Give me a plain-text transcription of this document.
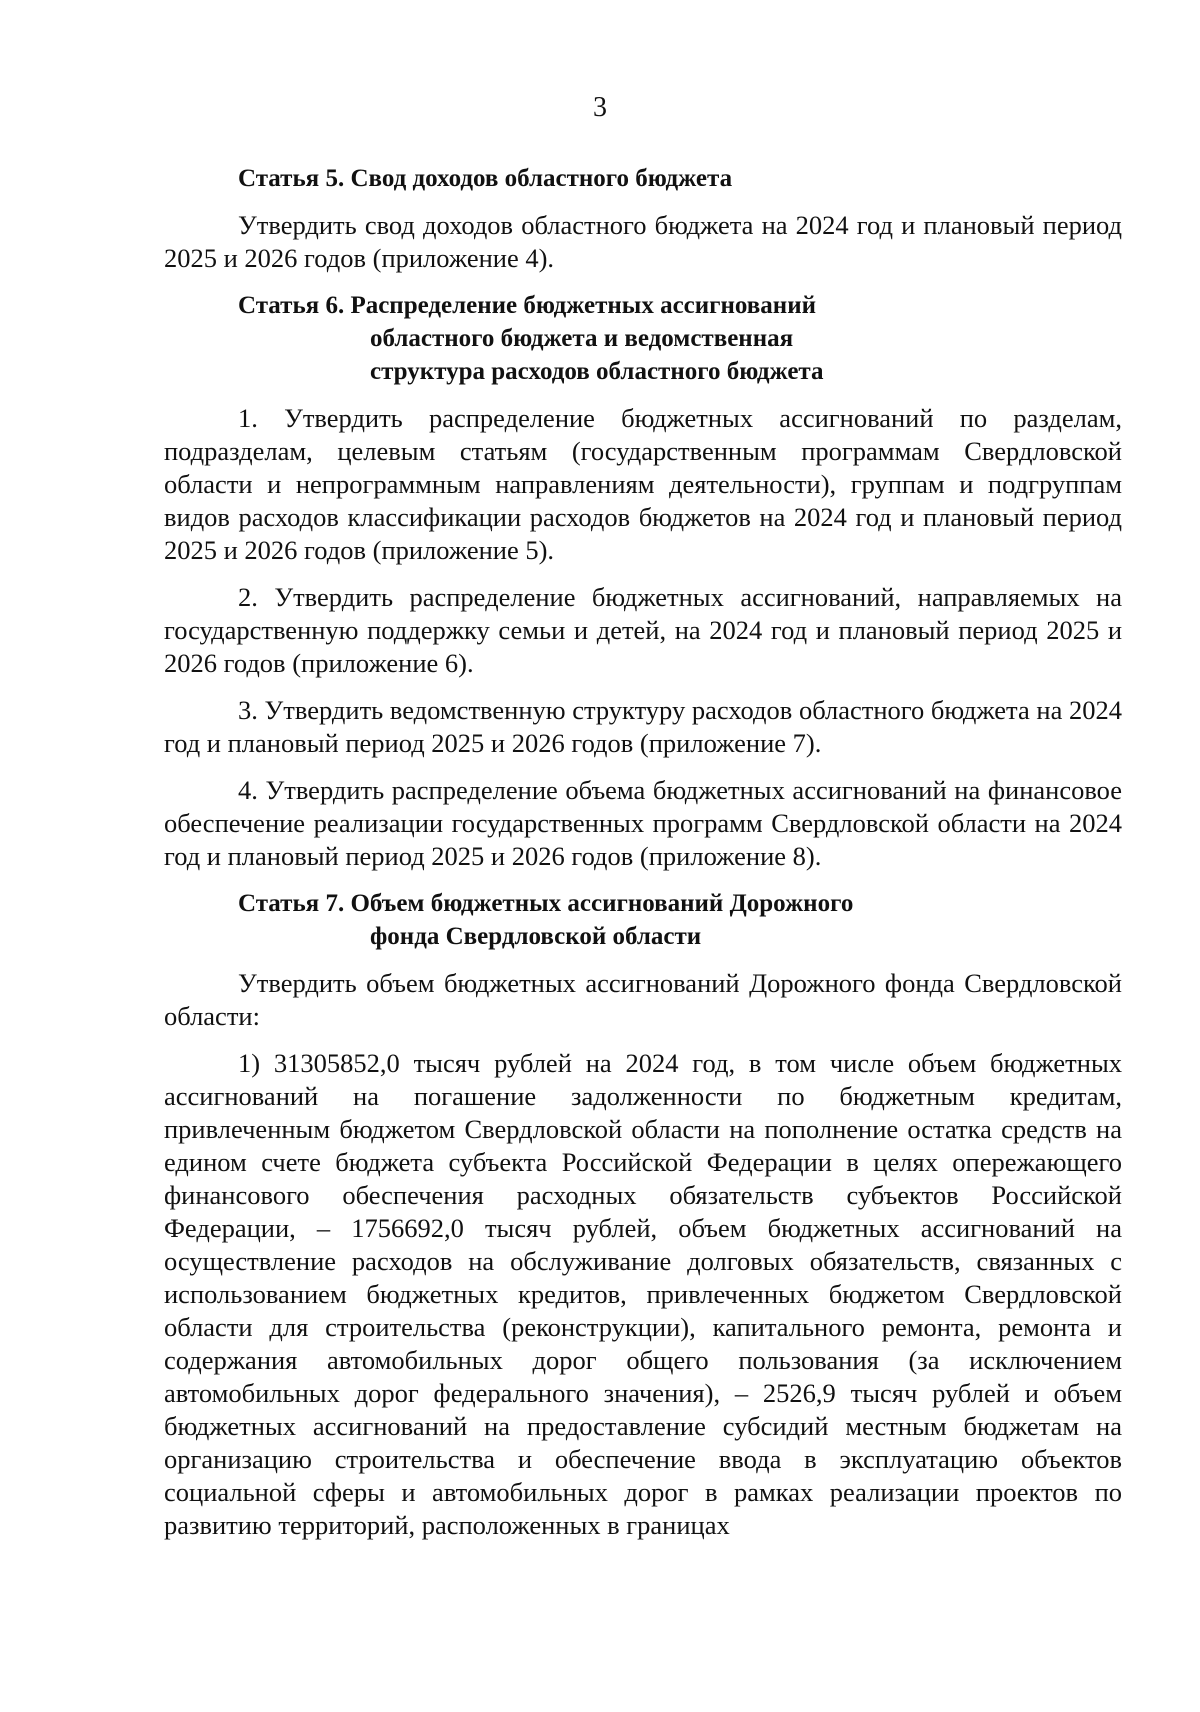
3

Статья 5. Свод доходов областного бюджета

Утвердить свод доходов областного бюджета на 2024 год и плановый период 2025 и 2026 годов (приложение 4).

Статья 6. Распределение бюджетных ассигнований
областного бюджета и ведомственная
структура расходов областного бюджета

1. Утвердить распределение бюджетных ассигнований по разделам, подразделам, целевым статьям (государственным программам Свердловской области и непрограммным направлениям деятельности), группам и подгруппам видов расходов классификации расходов бюджетов на 2024 год и плановый период 2025 и 2026 годов (приложение 5).

2. Утвердить распределение бюджетных ассигнований, направляемых на государственную поддержку семьи и детей, на 2024 год и плановый период 2025 и 2026 годов (приложение 6).

3. Утвердить ведомственную структуру расходов областного бюджета на 2024 год и плановый период 2025 и 2026 годов (приложение 7).

4. Утвердить распределение объема бюджетных ассигнований на финансовое обеспечение реализации государственных программ Свердловской области на 2024 год и плановый период 2025 и 2026 годов (приложение 8).

Статья 7. Объем бюджетных ассигнований Дорожного
фонда Свердловской области

Утвердить объем бюджетных ассигнований Дорожного фонда Свердловской области:

1) 31305852,0 тысяч рублей на 2024 год, в том числе объем бюджетных ассигнований на погашение задолженности по бюджетным кредитам, привлеченным бюджетом Свердловской области на пополнение остатка средств на едином счете бюджета субъекта Российской Федерации в целях опережающего финансового обеспечения расходных обязательств субъектов Российской Федерации, – 1756692,0 тысяч рублей, объем бюджетных ассигнований на осуществление расходов на обслуживание долговых обязательств, связанных с использованием бюджетных кредитов, привлеченных бюджетом Свердловской области для строительства (реконструкции), капитального ремонта, ремонта и содержания автомобильных дорог общего пользования (за исключением автомобильных дорог федерального значения), – 2526,9 тысяч рублей и объем бюджетных ассигнований на предоставление субсидий местным бюджетам на организацию строительства и обеспечение ввода в эксплуатацию объектов социальной сферы и автомобильных дорог в рамках реализации проектов по развитию территорий, расположенных в границах
